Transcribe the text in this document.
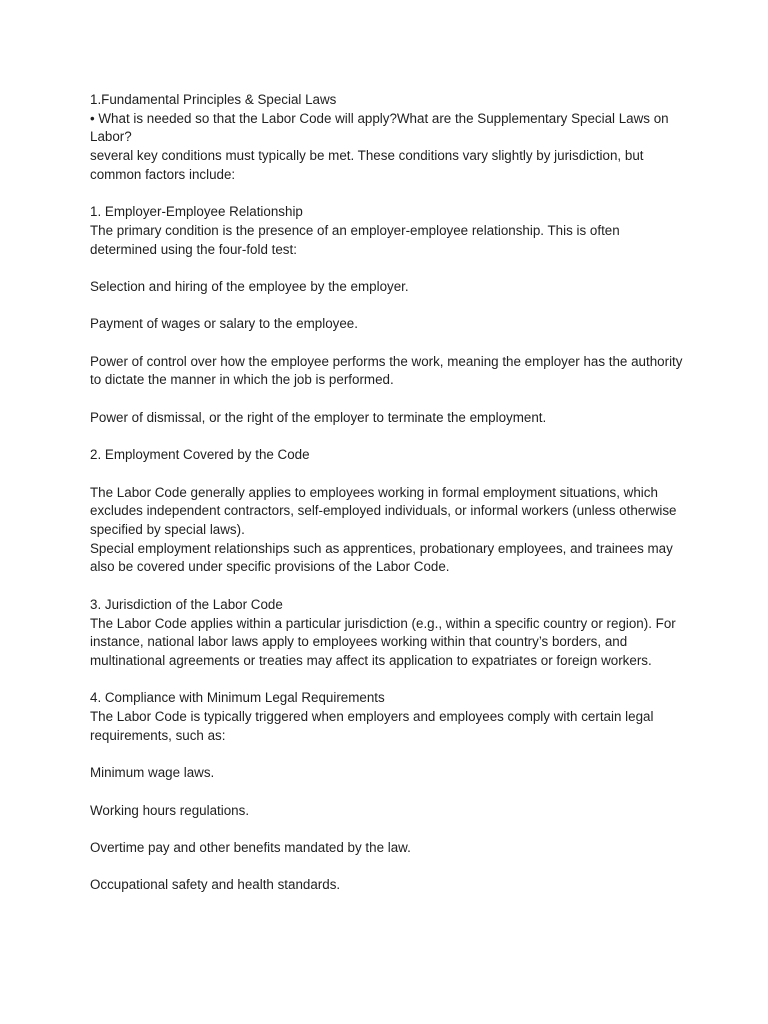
1.Fundamental Principles & Special Laws

• What is needed so that the Labor Code will apply?What are the Supplementary Special Laws on Labor?

several key conditions must typically be met. These conditions vary slightly by jurisdiction, but common factors include:

1. Employer-Employee Relationship

The primary condition is the presence of an employer-employee relationship. This is often determined using the four-fold test:

Selection and hiring of the employee by the employer.

Payment of wages or salary to the employee.

Power of control over how the employee performs the work, meaning the employer has the authority to dictate the manner in which the job is performed.

Power of dismissal, or the right of the employer to terminate the employment.

2. Employment Covered by the Code

The Labor Code generally applies to employees working in formal employment situations, which excludes independent contractors, self-employed individuals, or informal workers (unless otherwise specified by special laws).

Special employment relationships such as apprentices, probationary employees, and trainees may also be covered under specific provisions of the Labor Code.

3. Jurisdiction of the Labor Code

The Labor Code applies within a particular jurisdiction (e.g., within a specific country or region). For instance, national labor laws apply to employees working within that country’s borders, and multinational agreements or treaties may affect its application to expatriates or foreign workers.

4. Compliance with Minimum Legal Requirements

The Labor Code is typically triggered when employers and employees comply with certain legal requirements, such as:

Minimum wage laws.

Working hours regulations.

Overtime pay and other benefits mandated by the law.

Occupational safety and health standards.
